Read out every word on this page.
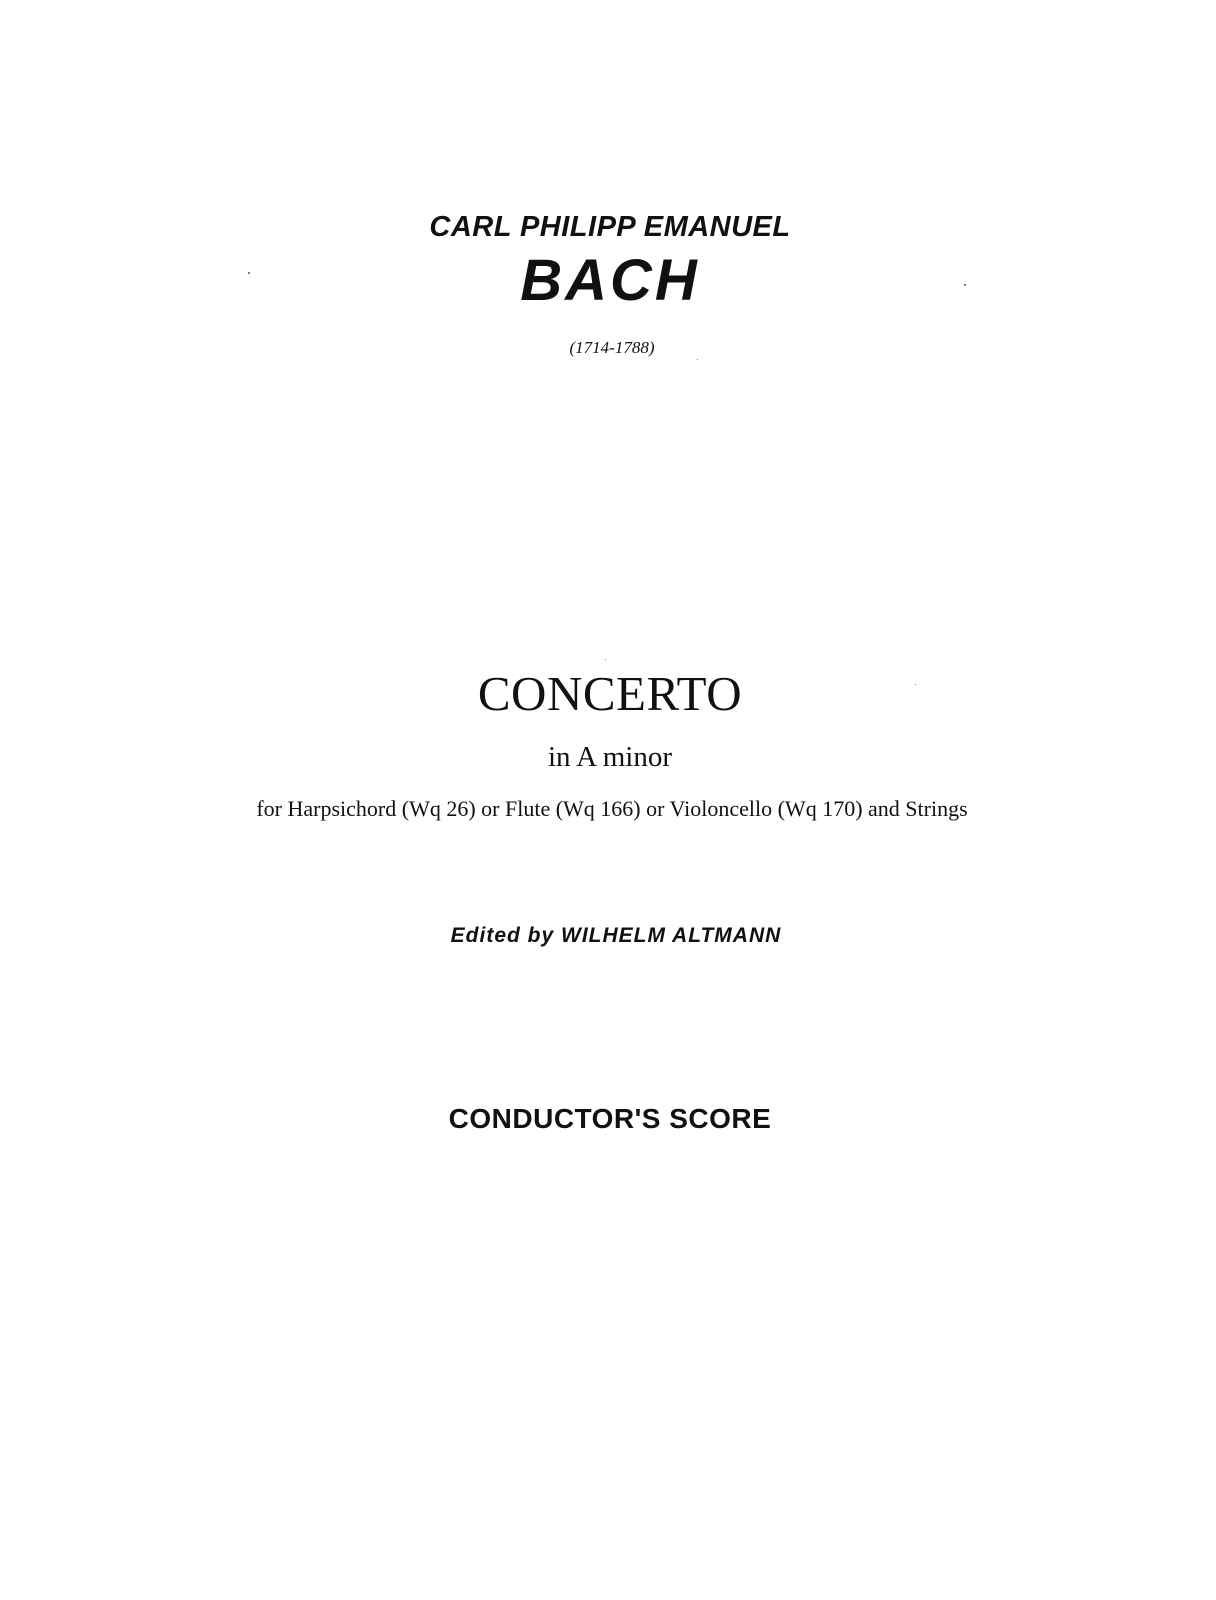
CARL PHILIPP EMANUEL
BACH
(1714-1788)
CONCERTO
in A minor
for Harpsichord (Wq 26) or Flute (Wq 166) or Violoncello (Wq 170) and Strings
Edited by WILHELM ALTMANN
CONDUCTOR'S SCORE
